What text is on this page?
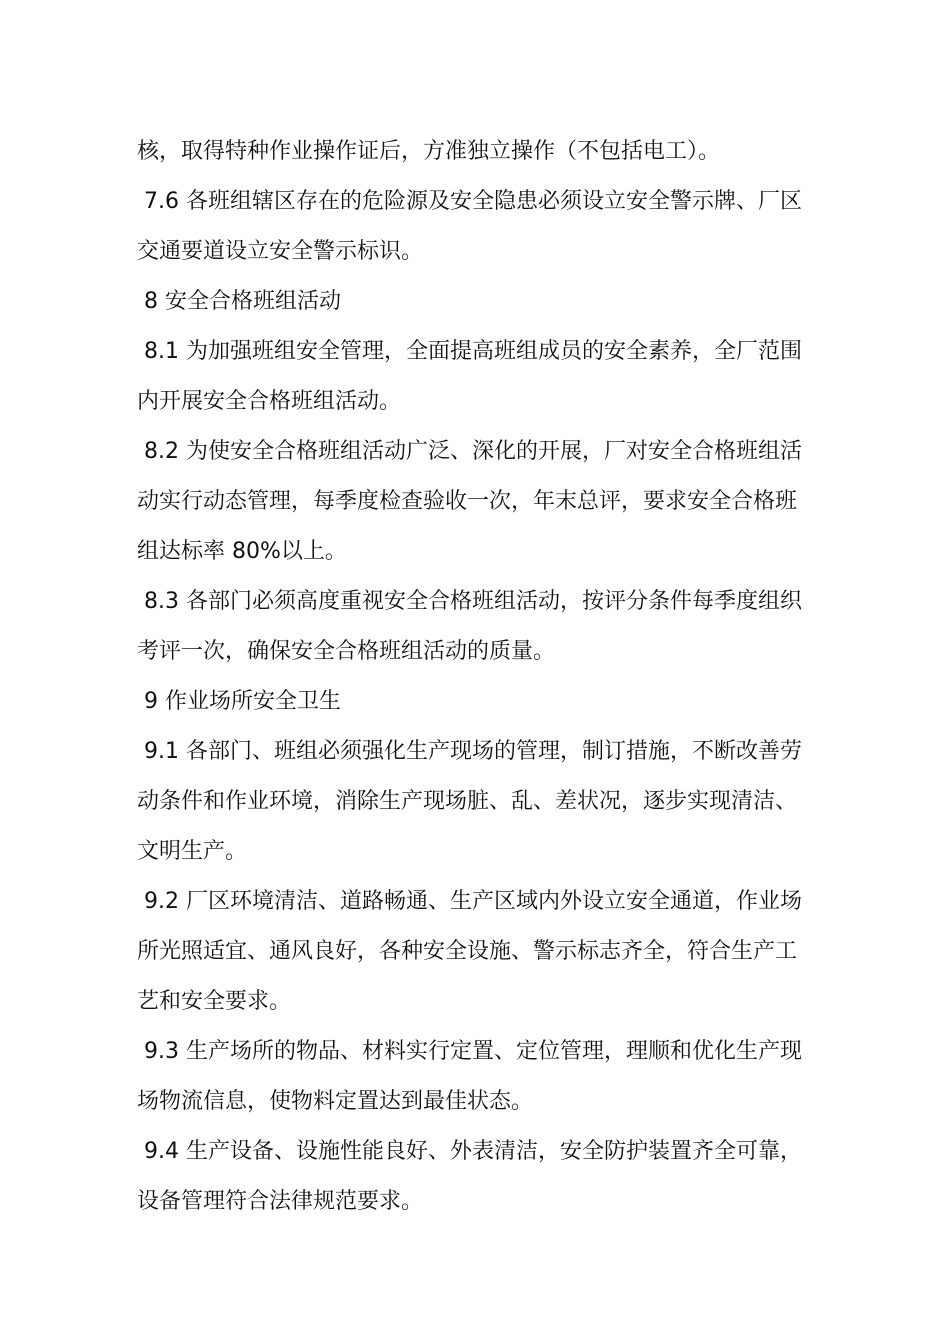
核，取得特种作业操作证后，方准独立操作（不包括电工）。
7.6 各班组辖区存在的危险源及安全隐患必须设立安全警示牌、厂区
交通要道设立安全警示标识。
8 安全合格班组活动
8.1 为加强班组安全管理，全面提高班组成员的安全素养，全厂范围
内开展安全合格班组活动。
8.2 为使安全合格班组活动广泛、深化的开展，厂对安全合格班组活
动实行动态管理，每季度检查验收一次，年末总评，要求安全合格班
组达标率 80%以上。
8.3 各部门必须高度重视安全合格班组活动，按评分条件每季度组织
考评一次，确保安全合格班组活动的质量。
9 作业场所安全卫生
9.1 各部门、班组必须强化生产现场的管理，制订措施，不断改善劳
动条件和作业环境，消除生产现场脏、乱、差状况，逐步实现清洁、
文明生产。
9.2 厂区环境清洁、道路畅通、生产区域内外设立安全通道，作业场
所光照适宜、通风良好，各种安全设施、警示标志齐全，符合生产工
艺和安全要求。
9.3 生产场所的物品、材料实行定置、定位管理，理顺和优化生产现
场物流信息，使物料定置达到最佳状态。
9.4 生产设备、设施性能良好、外表清洁，安全防护装置齐全可靠，
设备管理符合法律规范要求。
